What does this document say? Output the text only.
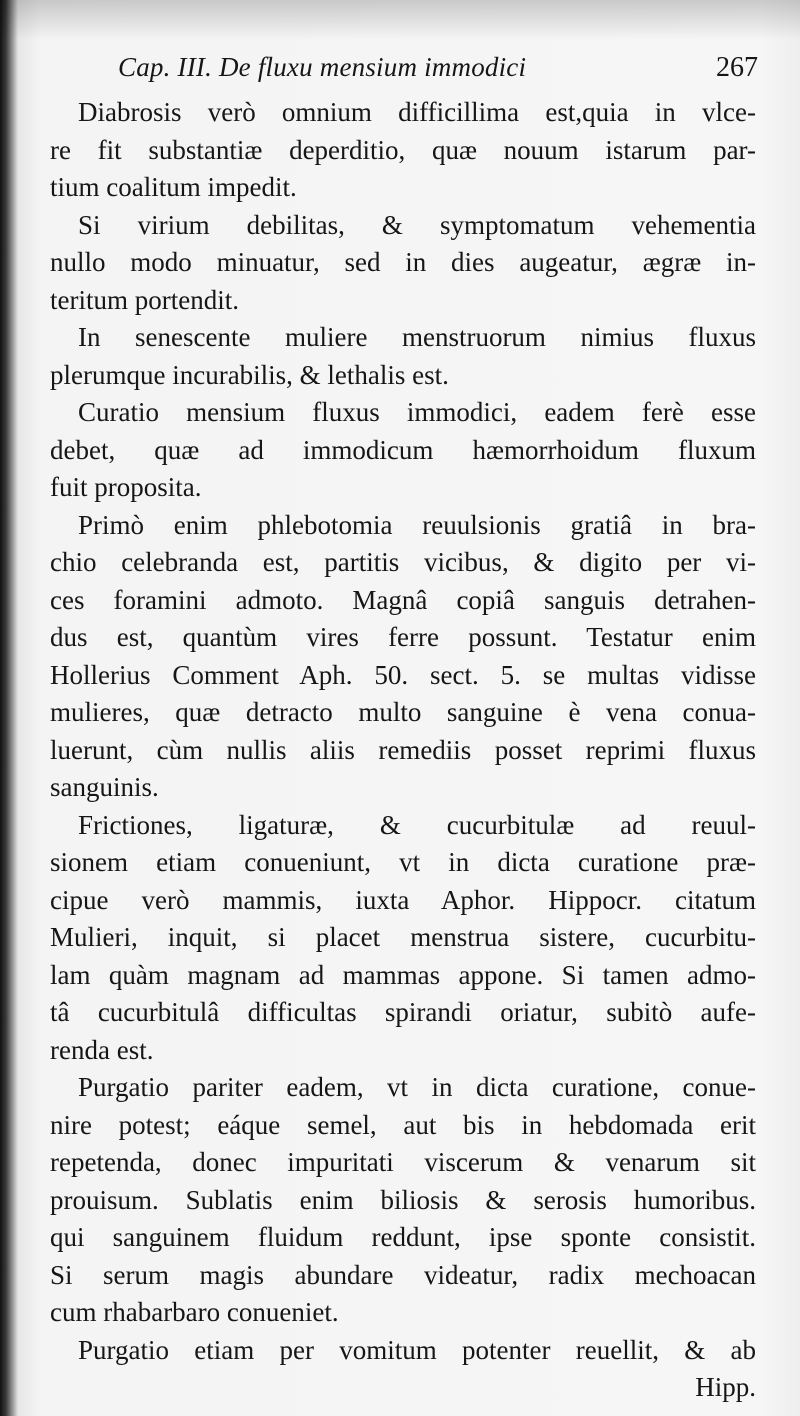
Cap. III. De fluxu mensium immodici	267
Diabrosis verò omnium difficillima est,quia in vlce-
re fit substantiæ deperditio, quæ nouum istarum par-
tium coalitum impedit.
Si virium debilitas, & symptomatum vehementia
nullo modo minuatur, sed in dies augeatur, ægræ in-
teritum portendit.
In senescente muliere menstruorum nimius fluxus
plerumque incurabilis, & lethalis est.
Curatio mensium fluxus immodici, eadem ferè esse
debet, quæ ad immodicum hæmorrhoidum fluxum
fuit proposita.
Primò enim phlebotomia reuulsionis gratiâ in bra-
chio celebranda est, partitis vicibus, & digito per vi-
ces foramini admoto. Magnâ copiâ sanguis detrahen-
dus est, quantùm vires ferre possunt. Testatur enim
Hollerius Comment Aph. 50. sect. 5. se multas vidisse
mulieres, quæ detracto multo sanguine è vena conua-
luerunt, cùm nullis aliis remediis posset reprimi fluxus
sanguinis.
Frictiones, ligaturæ, & cucurbitulæ ad reuul-
sionem etiam conueniunt, vt in dicta curatione præ-
cipue verò mammis, iuxta Aphor. Hippocr. citatum
Mulieri, inquit, si placet menstrua sistere, cucurbitu-
lam quàm magnam ad mammas appone. Si tamen admo-
tâ cucurbitulâ difficultas spirandi oriatur, subitò aufe-
renda est.
Purgatio pariter eadem, vt in dicta curatione, conue-
nire potest; eáque semel, aut bis in hebdomada erit
repetenda, donec impuritati viscerum & venarum sit
prouisum. Sublatis enim biliosis & serosis humoribus.
qui sanguinem fluidum reddunt, ipse sponte consistit.
Si serum magis abundare videatur, radix mechoacan
cum rhabarbaro conueniet.
Purgatio etiam per vomitum potenter reuellit, & ab
Hipp.
